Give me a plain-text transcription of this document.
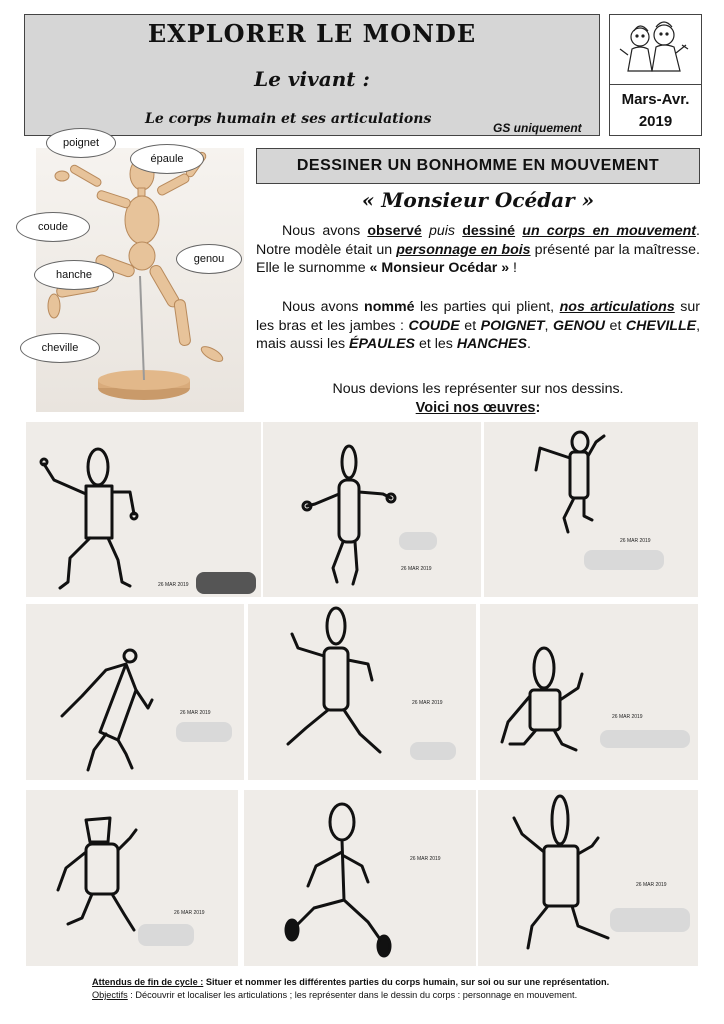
EXPLORER LE MONDE
Le vivant :
Le corps humain et ses articulations
GS uniquement
Mars-Avr.
2019
poignet
épaule
coude
genou
hanche
cheville
DESSINER UN BONHOMME EN MOUVEMENT
« Monsieur Océdar »
Nous avons observé puis dessiné un corps en mouvement. Notre modèle était un personnage en bois présenté par la maîtresse. Elle le surnomme « Monsieur Océdar » !
Nous avons nommé les parties qui plient, nos articulations sur les bras et les jambes : COUDE et POIGNET, GENOU et CHEVILLE, mais aussi les ÉPAULES et les HANCHES.
Nous devions les représenter sur nos dessins.
Voici nos œuvres:
26 MAR 2019
26 MAR 2019
26 MAR 2019
26 MAR 2019
26 MAR 2019
26 MAR 2019
26 MAR 2019
26 MAR 2019
26 MAR 2019
Attendus de fin de cycle : Situer et nommer les différentes parties du corps humain, sur soi ou sur une représentation.
Objectifs : Découvrir et localiser les articulations ; les représenter dans le dessin du corps : personnage en mouvement.
